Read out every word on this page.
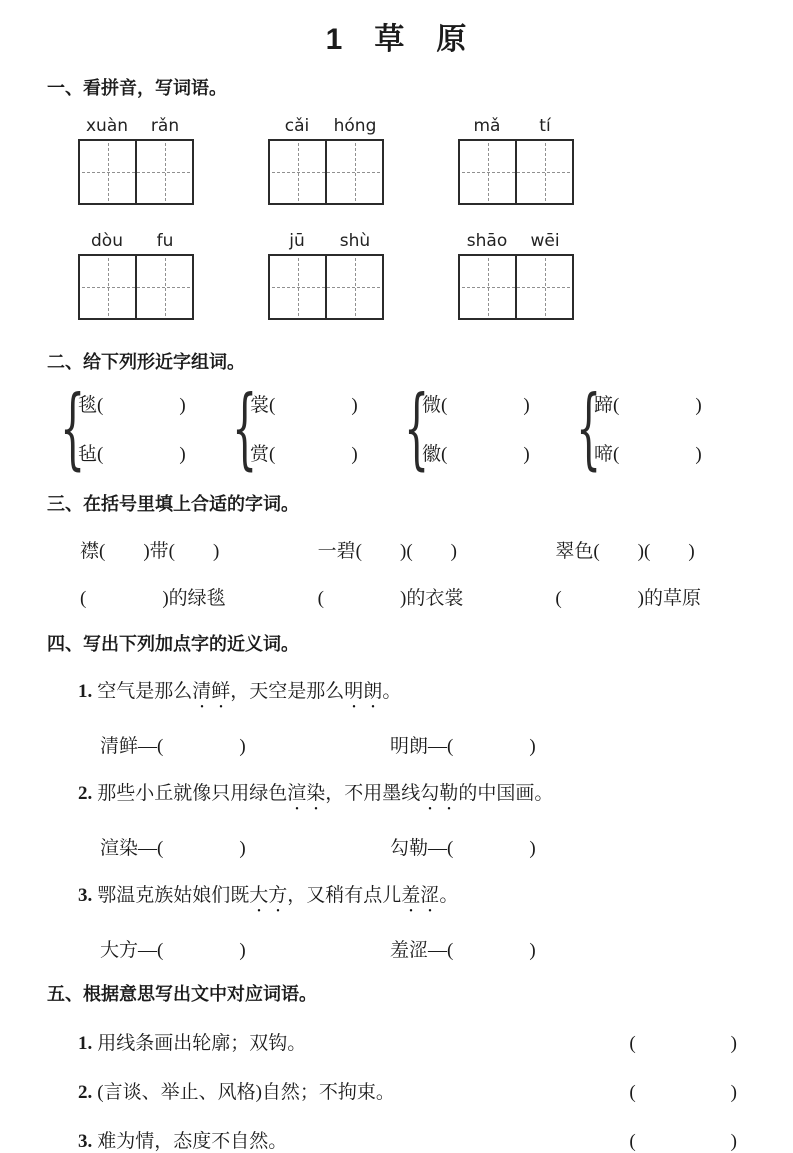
1　草　原
一、看拼音，写词语。
xuàn	rǎn	cǎi	hóng	mǎ	tí
dòu	fu	jū	shù	shāo	wēi
二、给下列形近字组词。
{
毯(　　　　)
毡(　　　　) {
裳(　　　　)
赏(　　　　) {
微(　　　　)
徽(　　　　) {
蹄(　　　　)
啼(　　　　)
三、在括号里填上合适的字词。
襟(　　)带(　　)	一碧(　　)(　　)	翠色(　　)(　　)
(　　　　)的绿毯	(　　　　)的衣裳	(　　　　)的草原
四、写出下列加点字的近义词。
1. 空气是那么清鲜，天空是那么明朗。
清鲜—(　　　　)	明朗—(　　　　)
2. 那些小丘就像只用绿色渲染，不用墨线勾勒的中国画。
渲染—(　　　　)	勾勒—(　　　　)
3. 鄂温克族姑娘们既大方，又稍有点儿羞涩。
大方—(　　　　)	羞涩—(　　　　)
五、根据意思写出文中对应词语。
1. 用线条画出轮廓；双钩。	(　　　　　)
2. (言谈、举止、风格)自然；不拘束。	(　　　　　)
3. 难为情，态度不自然。	(　　　　　)
